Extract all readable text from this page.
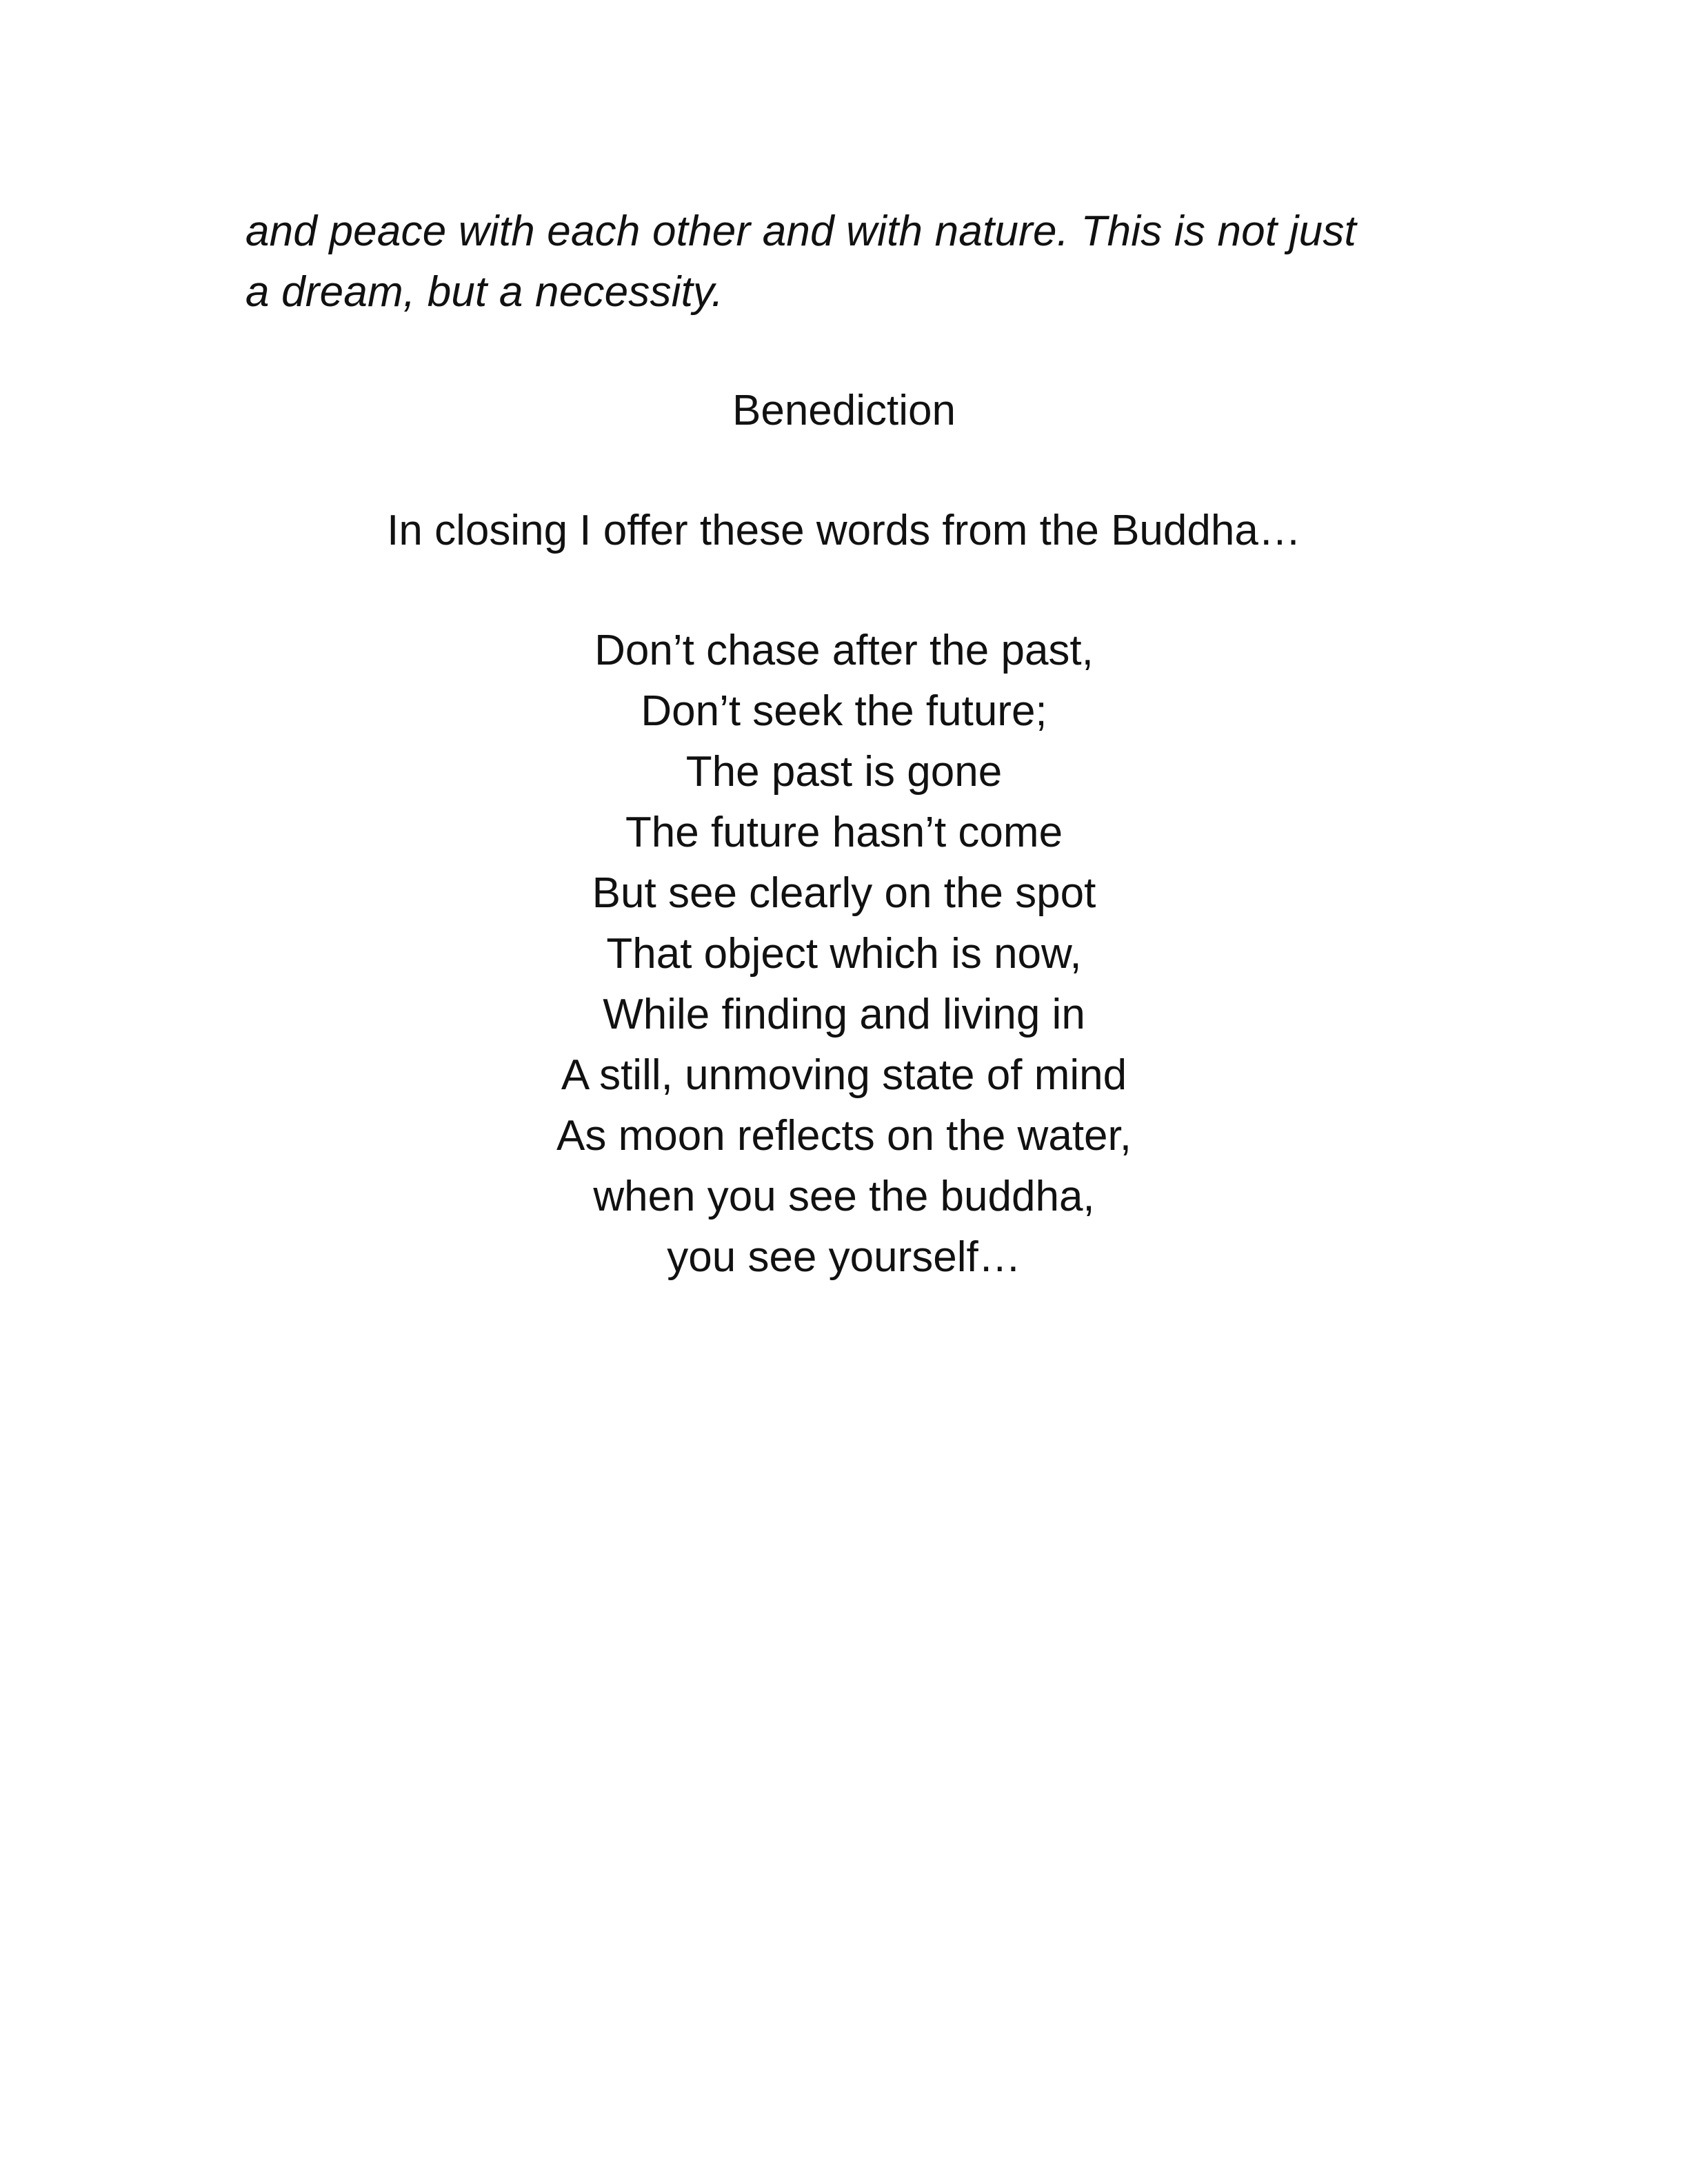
and peace with each other and with nature. This is not just
a dream, but a necessity.

Benediction

In closing I offer these words from the Buddha…

Don’t chase after the past,
Don’t seek the future;
The past is gone
The future hasn’t come
But see clearly on the spot
That object which is now,
While finding and living in
A still, unmoving state of mind
As moon reflects on the water,
when you see the buddha,
you see yourself…
